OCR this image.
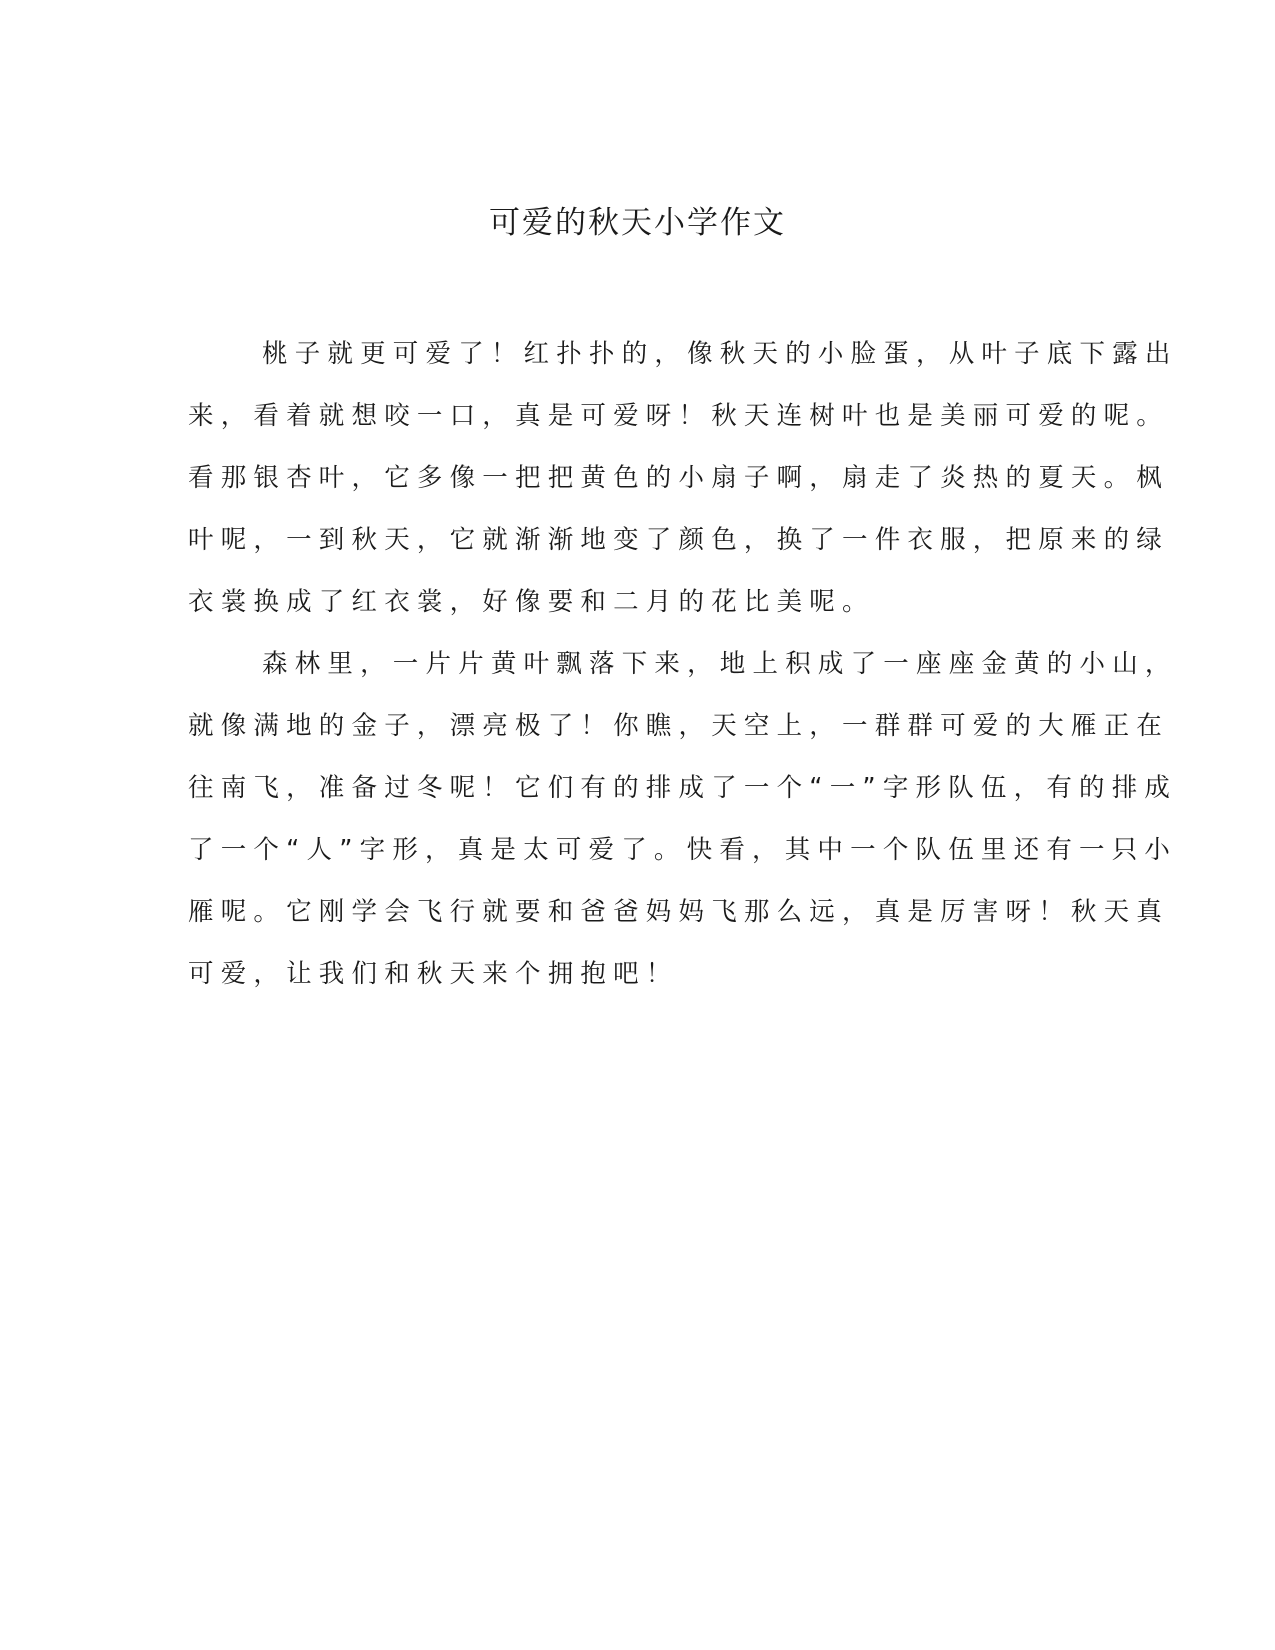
可爱的秋天小学作文
桃子就更可爱了！红扑扑的，像秋天的小脸蛋，从叶子底下露出
来，看着就想咬一口，真是可爱呀！秋天连树叶也是美丽可爱的呢。
看那银杏叶，它多像一把把黄色的小扇子啊，扇走了炎热的夏天。枫
叶呢，一到秋天，它就渐渐地变了颜色，换了一件衣服，把原来的绿
衣裳换成了红衣裳，好像要和二月的花比美呢。
森林里，一片片黄叶飘落下来，地上积成了一座座金黄的小山，
就像满地的金子，漂亮极了！你瞧，天空上，一群群可爱的大雁正在
往南飞，准备过冬呢！它们有的排成了一个“一”字形队伍，有的排成
了一个“人”字形，真是太可爱了。快看，其中一个队伍里还有一只小
雁呢。它刚学会飞行就要和爸爸妈妈飞那么远，真是厉害呀！秋天真
可爱，让我们和秋天来个拥抱吧！
